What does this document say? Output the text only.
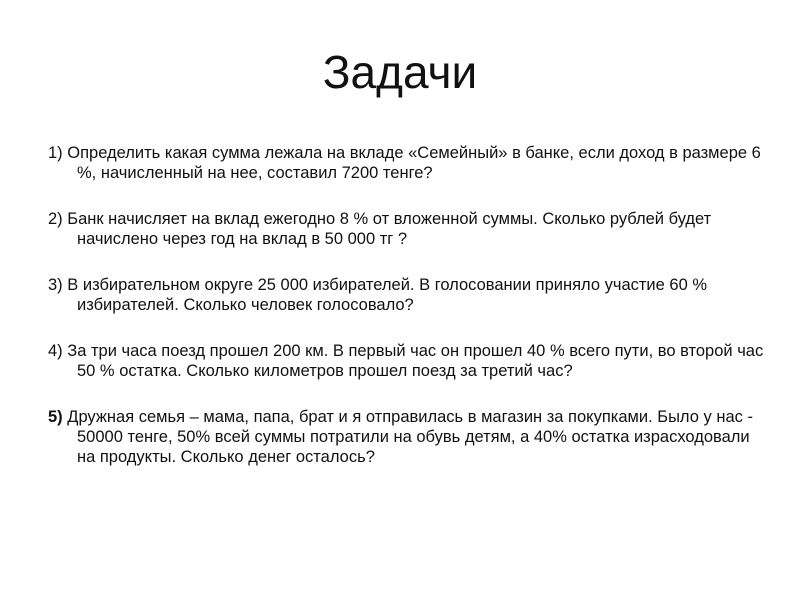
Задачи
1) Определить какая сумма лежала на вкладе «Семейный» в банке, если доход в размере 6 %, начисленный на нее, составил 7200 тенге?
2) Банк начисляет на вклад ежегодно 8 % от вложенной суммы. Сколько рублей будет начислено через год на вклад в 50 000 тг ?
3) В избирательном округе 25 000 избирателей. В голосовании приняло участие 60 % избирателей. Сколько человек голосовало?
4) За три часа поезд прошел 200 км. В первый час он прошел 40 % всего пути, во второй час 50 % остатка. Сколько километров прошел поезд за третий час?
5) Дружная семья – мама, папа, брат и я отправилась в магазин за покупками. Было у нас - 50000 тенге, 50% всей суммы потратили на обувь детям, а 40% остатка израсходовали на продукты. Сколько денег осталось?
